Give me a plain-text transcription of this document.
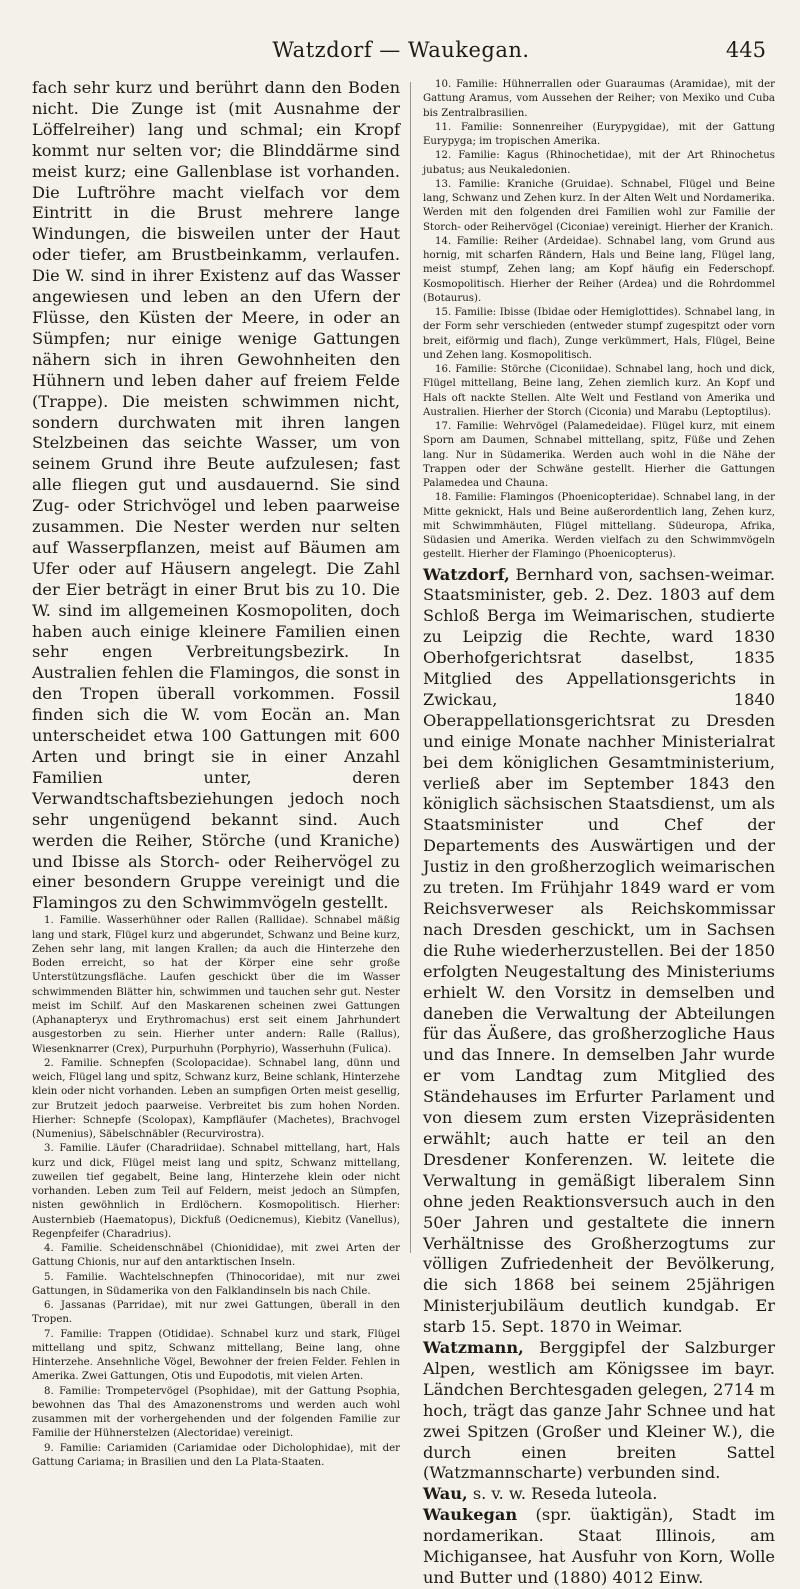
Watzdorf — Waukegan.	445

fach sehr kurz und berührt dann den Boden nicht. Die Zunge ist (mit Ausnahme der Löffelreiher) lang und schmal; ein Kropf kommt nur selten vor; die Blinddärme sind meist kurz; eine Gallenblase ist vorhanden. Die Luftröhre macht vielfach vor dem Eintritt in die Brust mehrere lange Windungen, die bisweilen unter der Haut oder tiefer, am Brustbeinkamm, verlaufen. Die W. sind in ihrer Existenz auf das Wasser angewiesen und leben an den Ufern der Flüsse, den Küsten der Meere, in oder an Sümpfen; nur einige wenige Gattungen nähern sich in ihren Gewohnheiten den Hühnern und leben daher auf freiem Felde (Trappe). Die meisten schwimmen nicht, sondern durchwaten mit ihren langen Stelzbeinen das seichte Wasser, um von seinem Grund ihre Beute aufzulesen; fast alle fliegen gut und ausdauernd. Sie sind Zug- oder Strichvögel und leben paarweise zusammen. Die Nester werden nur selten auf Wasserpflanzen, meist auf Bäumen am Ufer oder auf Häusern angelegt. Die Zahl der Eier beträgt in einer Brut bis zu 10. Die W. sind im allgemeinen Kosmopoliten, doch haben auch einige kleinere Familien einen sehr engen Verbreitungsbezirk. In Australien fehlen die Flamingos, die sonst in den Tropen überall vorkommen. Fossil finden sich die W. vom Eocän an. Man unterscheidet etwa 100 Gattungen mit 600 Arten und bringt sie in einer Anzahl Familien unter, deren Verwandtschaftsbeziehungen jedoch noch sehr ungenügend bekannt sind. Auch werden die Reiher, Störche (und Kraniche) und Ibisse als Storch- oder Reihervögel zu einer besondern Gruppe vereinigt und die Flamingos zu den Schwimmvögeln gestellt.

1. Familie. Wasserhühner oder Rallen (Rallidae). Schnabel mäßig lang und stark, Flügel kurz und abgerundet, Schwanz und Beine kurz, Zehen sehr lang, mit langen Krallen; da auch die Hinterzehe den Boden erreicht, so hat der Körper eine sehr große Unterstützungsfläche. Laufen geschickt über die im Wasser schwimmenden Blätter hin, schwimmen und tauchen sehr gut. Nester meist im Schilf. Auf den Maskarenen scheinen zwei Gattungen (Aphanapteryx und Erythromachus) erst seit einem Jahrhundert ausgestorben zu sein. Hierher unter andern: Ralle (Rallus), Wiesenknarrer (Crex), Purpurhuhn (Porphyrio), Wasserhuhn (Fulica).

2. Familie. Schnepfen (Scolopacidae). Schnabel lang, dünn und weich, Flügel lang und spitz, Schwanz kurz, Beine schlank, Hinterzehe klein oder nicht vorhanden. Leben an sumpfigen Orten meist gesellig, zur Brutzeit jedoch paarweise. Verbreitet bis zum hohen Norden. Hierher: Schnepfe (Scolopax), Kampfläufer (Machetes), Brachvogel (Numenius), Säbelschnäbler (Recurvirostra).

3. Familie. Läufer (Charadriidae). Schnabel mittellang, hart, Hals kurz und dick, Flügel meist lang und spitz, Schwanz mittellang, zuweilen tief gegabelt, Beine lang, Hinterzehe klein oder nicht vorhanden. Leben zum Teil auf Feldern, meist jedoch an Sümpfen, nisten gewöhnlich in Erdlöchern. Kosmopolitisch. Hierher: Austernbieb (Haematopus), Dickfuß (Oedicnemus), Kiebitz (Vanellus), Regenpfeifer (Charadrius).

4. Familie. Scheidenschnäbel (Chionididae), mit zwei Arten der Gattung Chionis, nur auf den antarktischen Inseln.

5. Familie. Wachtelschnepfen (Thinocoridae), mit nur zwei Gattungen, in Südamerika von den Falklandinseln bis nach Chile.

6. Jassanas (Parridae), mit nur zwei Gattungen, überall in den Tropen.

7. Familie: Trappen (Otididae). Schnabel kurz und stark, Flügel mittellang und spitz, Schwanz mittellang, Beine lang, ohne Hinterzehe. Ansehnliche Vögel, Bewohner der freien Felder. Fehlen in Amerika. Zwei Gattungen, Otis und Eupodotis, mit vielen Arten.

8. Familie: Trompetervögel (Psophidae), mit der Gattung Psophia, bewohnen das Thal des Amazonenstroms und werden auch wohl zusammen mit der vorhergehenden und der folgenden Familie zur Familie der Hühnerstelzen (Alectoridae) vereinigt.

9. Familie: Cariamiden (Cariamidae oder Dicholophidae), mit der Gattung Cariama; in Brasilien und den La Plata-Staaten.

10. Familie: Hühnerrallen oder Guaraumas (Aramidae), mit der Gattung Aramus, vom Aussehen der Reiher; von Mexiko und Cuba bis Zentralbrasilien.

11. Familie: Sonnenreiher (Eurypygidae), mit der Gattung Eurypyga; im tropischen Amerika.

12. Familie: Kagus (Rhinochetidae), mit der Art Rhinochetus jubatus; aus Neukaledonien.

13. Familie: Kraniche (Gruidae). Schnabel, Flügel und Beine lang, Schwanz und Zehen kurz. In der Alten Welt und Nordamerika. Werden mit den folgenden drei Familien wohl zur Familie der Storch- oder Reihervögel (Ciconiae) vereinigt. Hierher der Kranich.

14. Familie: Reiher (Ardeidae). Schnabel lang, vom Grund aus hornig, mit scharfen Rändern, Hals und Beine lang, Flügel lang, meist stumpf, Zehen lang; am Kopf häufig ein Federschopf. Kosmopolitisch. Hierher der Reiher (Ardea) und die Rohrdommel (Botaurus).

15. Familie: Ibisse (Ibidae oder Hemiglottides). Schnabel lang, in der Form sehr verschieden (entweder stumpf zugespitzt oder vorn breit, eiförmig und flach), Zunge verkümmert, Hals, Flügel, Beine und Zehen lang. Kosmopolitisch.

16. Familie: Störche (Ciconiidae). Schnabel lang, hoch und dick, Flügel mittellang, Beine lang, Zehen ziemlich kurz. An Kopf und Hals oft nackte Stellen. Alte Welt und Festland von Amerika und Australien. Hierher der Storch (Ciconia) und Marabu (Leptoptilus).

17. Familie: Wehrvögel (Palamedeidae). Flügel kurz, mit einem Sporn am Daumen, Schnabel mittellang, spitz, Füße und Zehen lang. Nur in Südamerika. Werden auch wohl in die Nähe der Trappen oder der Schwäne gestellt. Hierher die Gattungen Palamedea und Chauna.

18. Familie: Flamingos (Phoenicopteridae). Schnabel lang, in der Mitte geknickt, Hals und Beine außerordentlich lang, Zehen kurz, mit Schwimmhäuten, Flügel mittellang. Südeuropa, Afrika, Südasien und Amerika. Werden vielfach zu den Schwimmvögeln gestellt. Hierher der Flamingo (Phoenicopterus).

Watzdorf, Bernhard von, sachsen-weimar. Staatsminister, geb. 2. Dez. 1803 auf dem Schloß Berga im Weimarischen, studierte zu Leipzig die Rechte, ward 1830 Oberhofgerichtsrat daselbst, 1835 Mitglied des Appellationsgerichts in Zwickau, 1840 Oberappellationsgerichtsrat zu Dresden und einige Monate nachher Ministerialrat bei dem königlichen Gesamtministerium, verließ aber im September 1843 den königlich sächsischen Staatsdienst, um als Staatsminister und Chef der Departements des Auswärtigen und der Justiz in den großherzoglich weimarischen zu treten. Im Frühjahr 1849 ward er vom Reichsverweser als Reichskommissar nach Dresden geschickt, um in Sachsen die Ruhe wiederherzustellen. Bei der 1850 erfolgten Neugestaltung des Ministeriums erhielt W. den Vorsitz in demselben und daneben die Verwaltung der Abteilungen für das Äußere, das großherzogliche Haus und das Innere. In demselben Jahr wurde er vom Landtag zum Mitglied des Ständehauses im Erfurter Parlament und von diesem zum ersten Vizepräsidenten erwählt; auch hatte er teil an den Dresdener Konferenzen. W. leitete die Verwaltung in gemäßigt liberalem Sinn ohne jeden Reaktionsversuch auch in den 50er Jahren und gestaltete die innern Verhältnisse des Großherzogtums zur völligen Zufriedenheit der Bevölkerung, die sich 1868 bei seinem 25jährigen Ministerjubiläum deutlich kundgab. Er starb 15. Sept. 1870 in Weimar.

Watzmann, Berggipfel der Salzburger Alpen, westlich am Königssee im bayr. Ländchen Berchtesgaden gelegen, 2714 m hoch, trägt das ganze Jahr Schnee und hat zwei Spitzen (Großer und Kleiner W.), die durch einen breiten Sattel (Watzmannscharte) verbunden sind.

Wau, s. v. w. Reseda luteola.

Waukegan (spr. üaktigän), Stadt im nordamerikan. Staat Illinois, am Michigansee, hat Ausfuhr von Korn, Wolle und Butter und (1880) 4012 Einw.
